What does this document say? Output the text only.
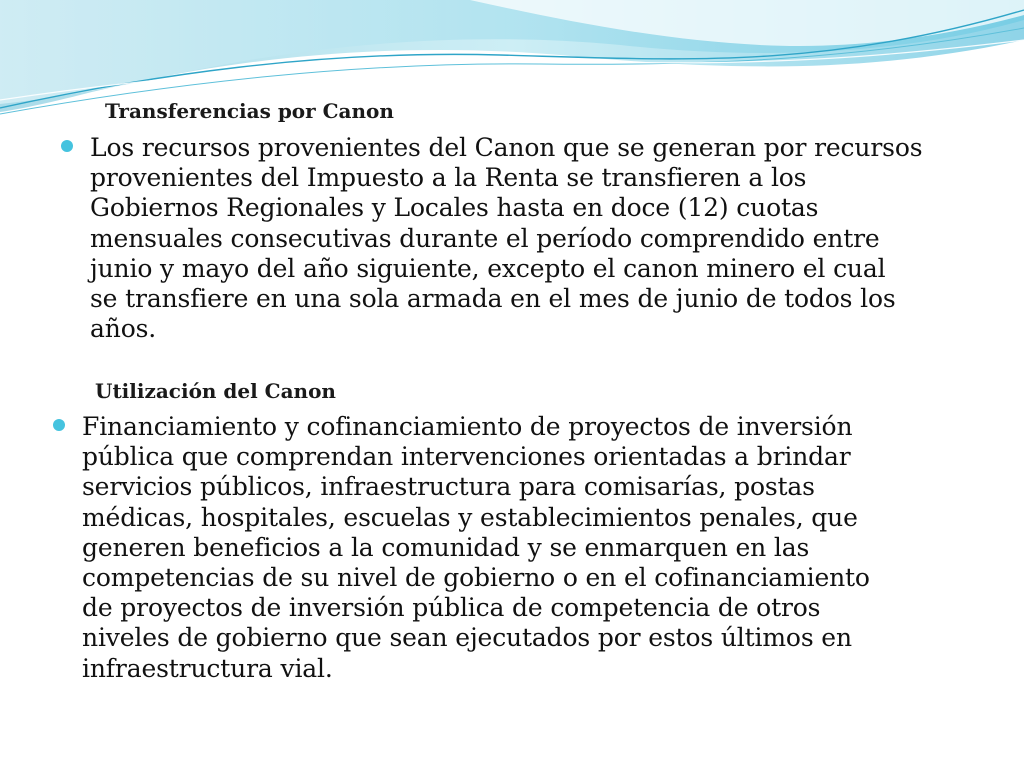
Transferencias por Canon
Los recursos provenientes del Canon que se generan por recursos
provenientes del Impuesto a la Renta se transfieren a los
Gobiernos Regionales y Locales hasta en doce (12) cuotas
mensuales consecutivas durante el período comprendido entre
junio y mayo del año siguiente, excepto el canon minero el cual
se transfiere en una sola armada en el mes de junio de todos los
años.
Utilización del Canon
Financiamiento y cofinanciamiento de proyectos de inversión
pública que comprendan intervenciones orientadas a brindar
servicios públicos, infraestructura para comisarías, postas
médicas, hospitales, escuelas y establecimientos penales, que
generen beneficios a la comunidad y se enmarquen en las
competencias de su nivel de gobierno o en el cofinanciamiento
de proyectos de inversión pública de competencia de otros
niveles de gobierno que sean ejecutados por estos últimos en
infraestructura vial.
